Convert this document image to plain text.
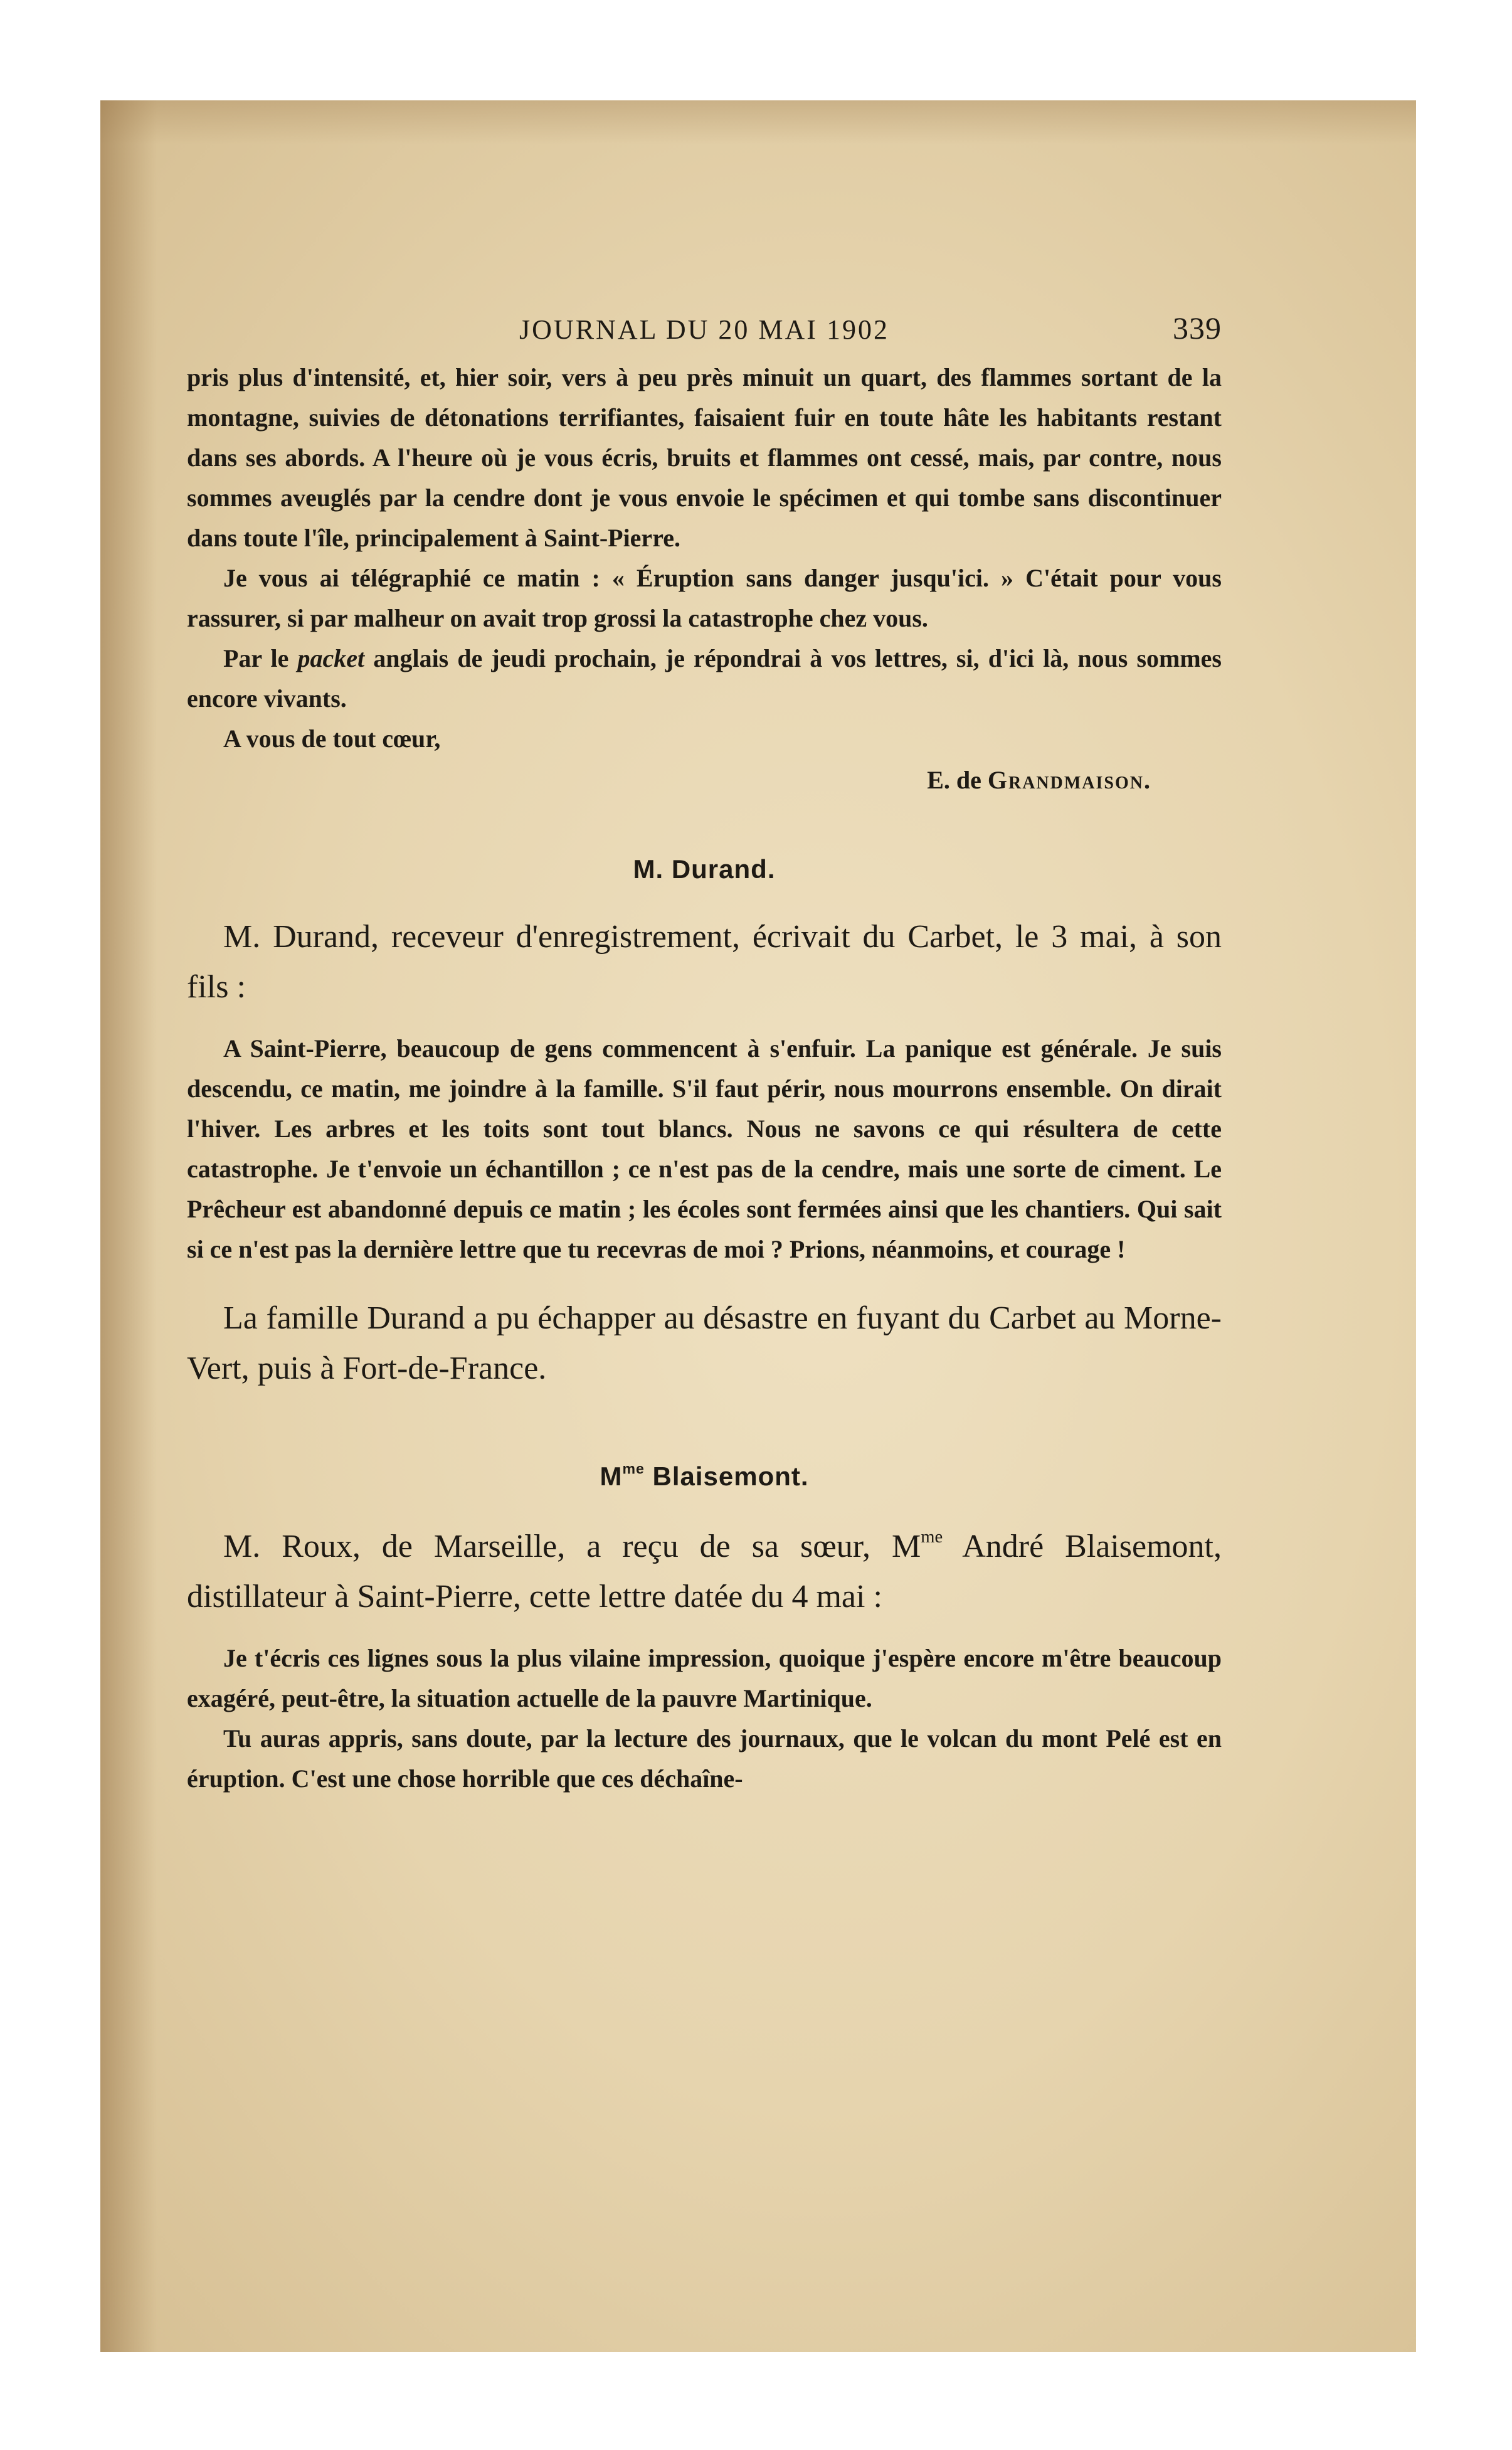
JOURNAL DU 20 MAI 1902	339

pris plus d'intensité, et, hier soir, vers à peu près minuit un quart, des flammes sortant de la montagne, suivies de détonations terrifiantes, faisaient fuir en toute hâte les habitants restant dans ses abords. A l'heure où je vous écris, bruits et flammes ont cessé, mais, par contre, nous sommes aveuglés par la cendre dont je vous envoie le spécimen et qui tombe sans discontinuer dans toute l'île, principalement à Saint-Pierre.

Je vous ai télégraphié ce matin : « Éruption sans danger jusqu'ici. » C'était pour vous rassurer, si par malheur on avait trop grossi la catastrophe chez vous.

Par le packet anglais de jeudi prochain, je répondrai à vos lettres, si, d'ici là, nous sommes encore vivants.

A vous de tout cœur,

E. de Grandmaison.

M. Durand.

M. Durand, receveur d'enregistrement, écrivait du Carbet, le 3 mai, à son fils :

A Saint-Pierre, beaucoup de gens commencent à s'enfuir. La panique est générale. Je suis descendu, ce matin, me joindre à la famille. S'il faut périr, nous mourrons ensemble. On dirait l'hiver. Les arbres et les toits sont tout blancs. Nous ne savons ce qui résultera de cette catastrophe. Je t'envoie un échantillon ; ce n'est pas de la cendre, mais une sorte de ciment. Le Prêcheur est abandonné depuis ce matin ; les écoles sont fermées ainsi que les chantiers. Qui sait si ce n'est pas la dernière lettre que tu recevras de moi ? Prions, néanmoins, et courage !

La famille Durand a pu échapper au désastre en fuyant du Carbet au Morne-Vert, puis à Fort-de-France.

$M^{me}$ Blaisemont.

M. Roux, de Marseille, a reçu de sa sœur, $M^{me}$ André Blaisemont, distillateur à Saint-Pierre, cette lettre datée du 4 mai :

Je t'écris ces lignes sous la plus vilaine impression, quoique j'espère encore m'être beaucoup exagéré, peut-être, la situation actuelle de la pauvre Martinique.

Tu auras appris, sans doute, par la lecture des journaux, que le volcan du mont Pelé est en éruption. C'est une chose horrible que ces déchaîne-
